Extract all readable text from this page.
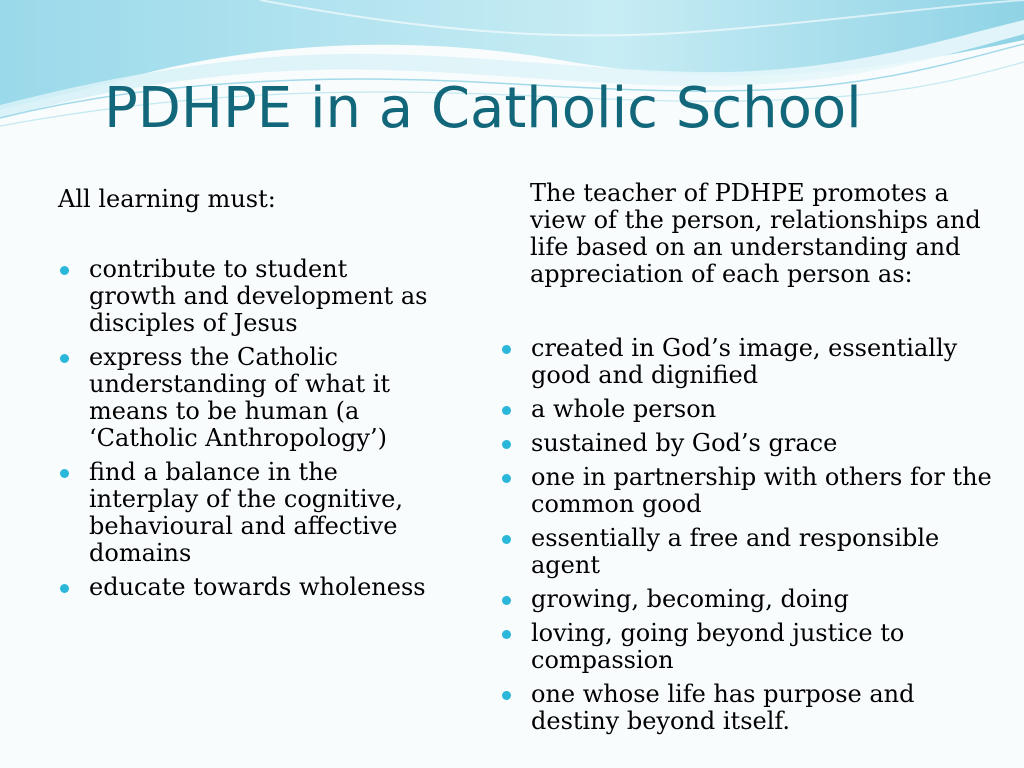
PDHPE in a Catholic School

All learning must:

contribute to student growth and development as disciples of Jesus
express the Catholic understanding of what it means to be human (a ‘Catholic Anthropology’)
find a balance in the interplay of the cognitive, behavioural and affective domains
educate towards wholeness

The teacher of PDHPE promotes a view of the person, relationships and life based on an understanding and appreciation of each person as:

created in God’s image, essentially good and dignified
a whole person
sustained by God’s grace
one in partnership with others for the common good
essentially a free and responsible agent
growing, becoming, doing
loving, going beyond justice to compassion
one whose life has purpose and destiny beyond itself.
